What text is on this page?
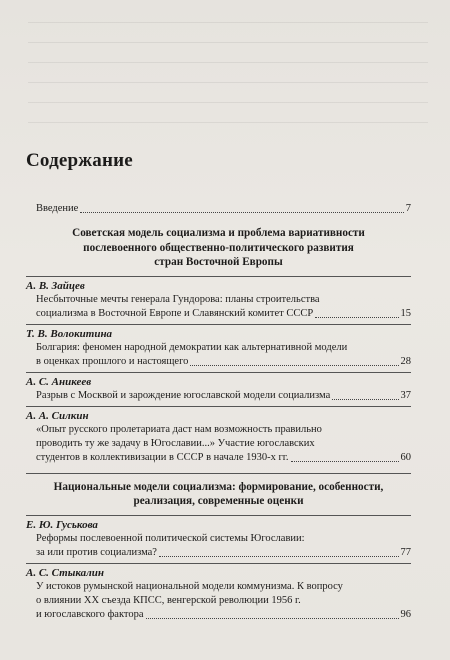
Содержание
Введение	7
Советская модель социализма и проблема вариативности
послевоенного общественно-политического развития
стран Восточной Европы
А. В. Зайцев
Несбыточные мечты генерала Гундорова: планы строительства
социализма в Восточной Европе и Славянский комитет СССР	15
Т. В. Волокитина
Болгария: феномен народной демократии как альтернативной модели
в оценках прошлого и настоящего	28
А. С. Аникеев
Разрыв с Москвой и зарождение югославской модели социализма	37
А. А. Силкин
«Опыт русского пролетариата даст нам возможность правильно
проводить ту же задачу в Югославии...» Участие югославских
студентов в коллективизации в СССР в начале 1930-х гг.	60
Национальные модели социализма: формирование, особенности,
реализация, современные оценки
Е. Ю. Гуськова
Реформы послевоенной политической системы Югославии:
за или против социализма?	77
А. С. Стыкалин
У истоков румынской национальной модели коммунизма. К вопросу
о влиянии XX съезда КПСС, венгерской революции 1956 г.
и югославского фактора	96
